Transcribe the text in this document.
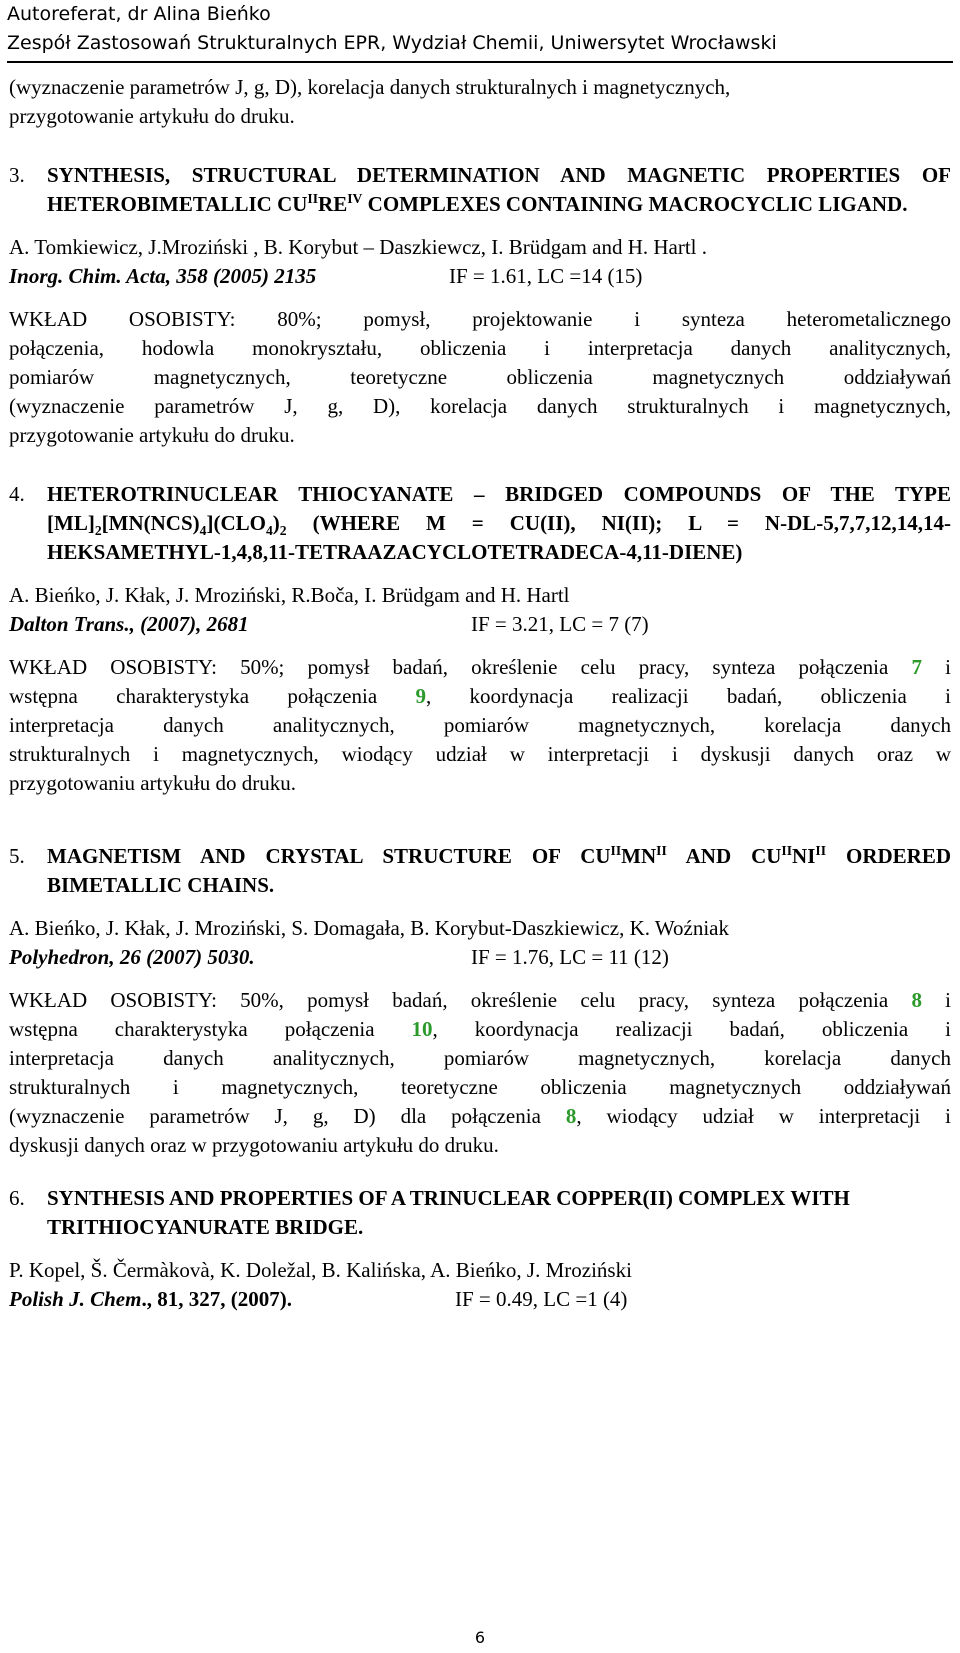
Autoreferat, dr Alina Bieńko
Zespół Zastosowań Strukturalnych EPR, Wydział Chemii, Uniwersytet Wrocławski
(wyznaczenie parametrów J, g, D), korelacja danych strukturalnych i magnetycznych,
przygotowanie artykułu do druku.
3. SYNTHESIS, STRUCTURAL DETERMINATION AND MAGNETIC PROPERTIES OF HETEROBIMETALLIC $CU^{II}RE^{IV}$ COMPLEXES CONTAINING MACROCYCLIC LIGAND.
A. Tomkiewicz, J.Mroziński , B. Korybut – Daszkiewcz, I. Brüdgam and H. Hartl .
Inorg. Chim. Acta, 358 (2005) 2135	IF = 1.61, LC =14 (15)
WKŁAD OSOBISTY: 80%; pomysł, projektowanie i synteza heterometalicznego
połączenia, hodowla monokryształu, obliczenia i interpretacja danych analitycznych,
pomiarów magnetycznych, teoretyczne obliczenia magnetycznych oddziaływań
(wyznaczenie parametrów J, g, D), korelacja danych strukturalnych i magnetycznych,
przygotowanie artykułu do druku.
4. HETEROTRINUCLEAR THIOCYANATE – BRIDGED COMPOUNDS OF THE TYPE $[ML]_2[MN(NCS)_4](CLO_4)_2$ (WHERE M = CU(II), NI(II); L = N-DL-5,7,7,12,14,14-HEKSAMETHYL-1,4,8,11-TETRAAZACYCLOTETRADECA-4,11-DIENE)
A. Bieńko, J. Kłak, J. Mroziński, R.Boča, I. Brüdgam and H. Hartl
Dalton Trans., (2007), 2681	IF = 3.21, LC = 7 (7)
WKŁAD OSOBISTY: 50%; pomysł badań, określenie celu pracy, synteza połączenia 7 i
wstępna charakterystyka połączenia 9, koordynacja realizacji badań, obliczenia i
interpretacja danych analitycznych, pomiarów magnetycznych, korelacja danych
strukturalnych i magnetycznych, wiodący udział w interpretacji i dyskusji danych oraz w
przygotowaniu artykułu do druku.
5. MAGNETISM AND CRYSTAL STRUCTURE OF $CU^{II}MN^{II}$ AND $CU^{II}NI^{II}$ ORDERED BIMETALLIC CHAINS.
A. Bieńko, J. Kłak, J. Mroziński, S. Domagała, B. Korybut-Daszkiewicz, K. Woźniak
Polyhedron, 26 (2007) 5030.	IF = 1.76, LC = 11 (12)
WKŁAD OSOBISTY: 50%, pomysł badań, określenie celu pracy, synteza połączenia 8 i
wstępna charakterystyka połączenia 10, koordynacja realizacji badań, obliczenia i
interpretacja danych analitycznych, pomiarów magnetycznych, korelacja danych
strukturalnych i magnetycznych, teoretyczne obliczenia magnetycznych oddziaływań
(wyznaczenie parametrów J, g, D) dla połączenia 8, wiodący udział w interpretacji i
dyskusji danych oraz w przygotowaniu artykułu do druku.
6. SYNTHESIS AND PROPERTIES OF A TRINUCLEAR COPPER(II) COMPLEX WITH TRITHIOCYANURATE BRIDGE.
P. Kopel, Š. Čermàkovà, K. Doležal, B. Kalińska, A. Bieńko, J. Mroziński
Polish J. Chem., 81, 327, (2007).	IF = 0.49, LC =1 (4)
6
